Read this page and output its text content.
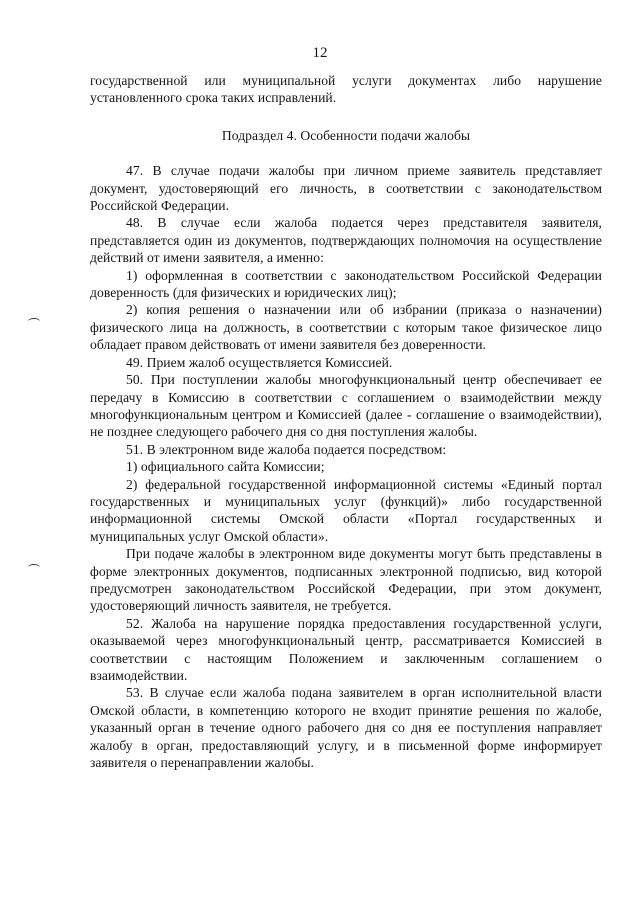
12

государственной или муниципальной услуги документах либо нарушение установленного срока таких исправлений.

Подраздел 4. Особенности подачи жалобы

47. В случае подачи жалобы при личном приеме заявитель представляет документ, удостоверяющий его личность, в соответствии с законодательством Российской Федерации.

48. В случае если жалоба подается через представителя заявителя, представляется один из документов, подтверждающих полномочия на осуществление действий от имени заявителя, а именно:

1) оформленная в соответствии с законодательством Российской Федерации доверенность (для физических и юридических лиц);

2) копия решения о назначении или об избрании (приказа о назначении) физического лица на должность, в соответствии с которым такое физическое лицо обладает правом действовать от имени заявителя без доверенности.

49. Прием жалоб осуществляется Комиссией.

50. При поступлении жалобы многофункциональный центр обеспечивает ее передачу в Комиссию в соответствии с соглашением о взаимодействии между многофункциональным центром и Комиссией (далее - соглашение о взаимодействии), не позднее следующего рабочего дня со дня поступления жалобы.

51. В электронном виде жалоба подается посредством:

1) официального сайта Комиссии;

2) федеральной государственной информационной системы «Единый портал государственных и муниципальных услуг (функций)» либо государственной информационной системы Омской области «Портал государственных и муниципальных услуг Омской области».

При подаче жалобы в электронном виде документы могут быть представлены в форме электронных документов, подписанных электронной подписью, вид которой предусмотрен законодательством Российской Федерации, при этом документ, удостоверяющий личность заявителя, не требуется.

52. Жалоба на нарушение порядка предоставления государственной услуги, оказываемой через многофункциональный центр, рассматривается Комиссией в соответствии с настоящим Положением и заключенным соглашением о взаимодействии.

53. В случае если жалоба подана заявителем в орган исполнительной власти Омской области, в компетенцию которого не входит принятие решения по жалобе, указанный орган в течение одного рабочего дня со дня ее поступления направляет жалобу в орган, предоставляющий услугу, и в письменной форме информирует заявителя о перенаправлении жалобы.
